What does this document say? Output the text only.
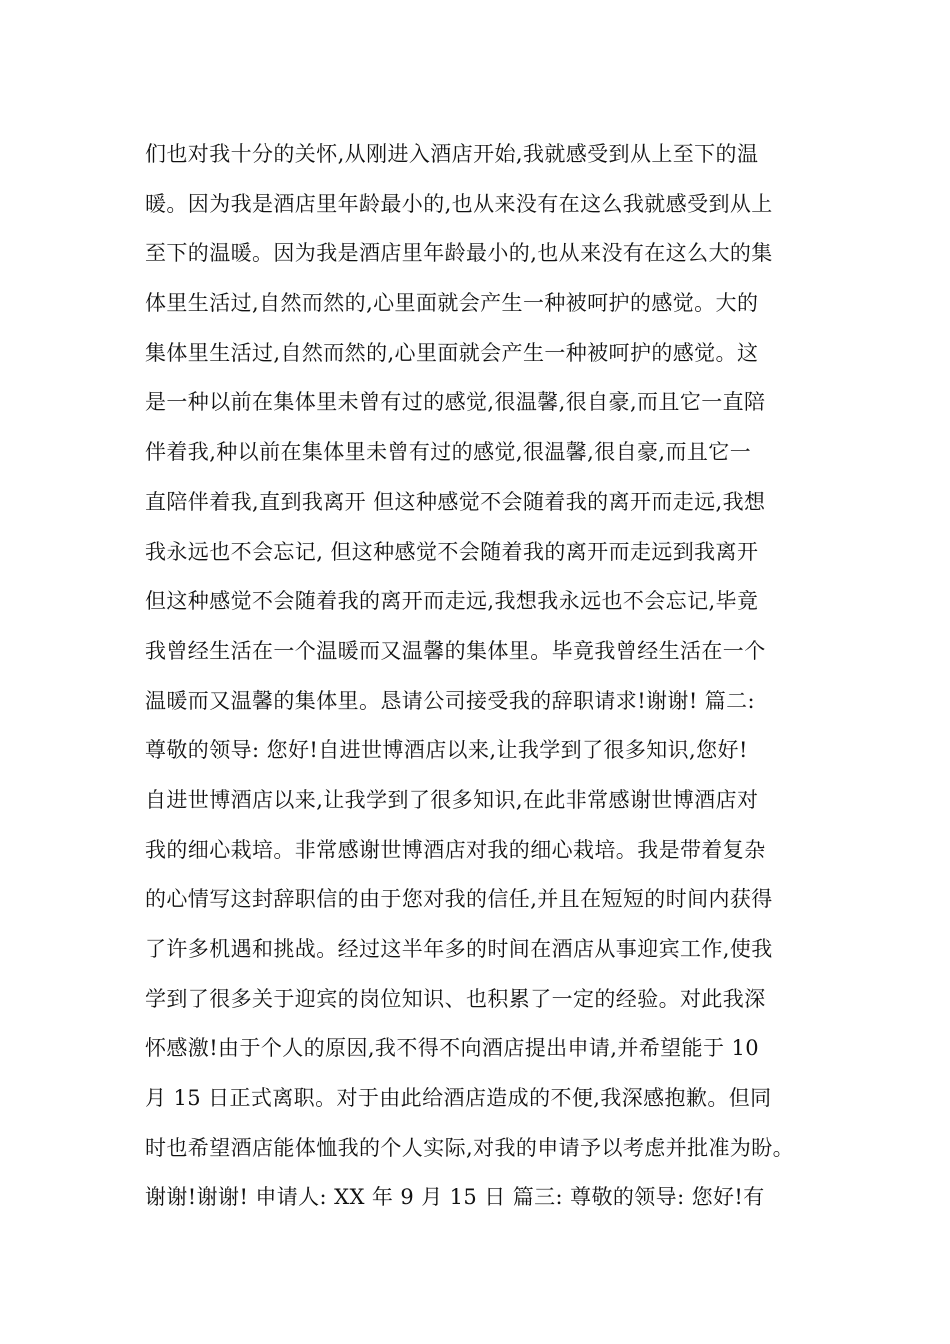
们也对我十分的关怀,从刚进入酒店开始,我就感受到从上至下的温
暖。因为我是酒店里年龄最小的,也从来没有在这么我就感受到从上
至下的温暖。因为我是酒店里年龄最小的,也从来没有在这么大的集
体里生活过,自然而然的,心里面就会产生一种被呵护的感觉。大的
集体里生活过,自然而然的,心里面就会产生一种被呵护的感觉。这
是一种以前在集体里未曾有过的感觉,很温馨,很自豪,而且它一直陪
伴着我,种以前在集体里未曾有过的感觉,很温馨,很自豪,而且它一
直陪伴着我,直到我离开 但这种感觉不会随着我的离开而走远,我想
我永远也不会忘记, 但这种感觉不会随着我的离开而走远到我离开
但这种感觉不会随着我的离开而走远,我想我永远也不会忘记,毕竟
我曾经生活在一个温暖而又温馨的集体里。毕竟我曾经生活在一个
温暖而又温馨的集体里。恳请公司接受我的辞职请求!谢谢! 篇二:
尊敬的领导: 您好!自进世博酒店以来,让我学到了很多知识,您好!
自进世博酒店以来,让我学到了很多知识,在此非常感谢世博酒店对
我的细心栽培。非常感谢世博酒店对我的细心栽培。我是带着复杂
的心情写这封辞职信的由于您对我的信任,并且在短短的时间内获得
了许多机遇和挑战。经过这半年多的时间在酒店从事迎宾工作,使我
学到了很多关于迎宾的岗位知识、也积累了一定的经验。对此我深
怀感激!由于个人的原因,我不得不向酒店提出申请,并希望能于 10
月 15 日正式离职。对于由此给酒店造成的不便,我深感抱歉。但同
时也希望酒店能体恤我的个人实际,对我的申请予以考虑并批准为盼。
谢谢!谢谢! 申请人: XX 年 9 月 15 日 篇三: 尊敬的领导: 您好!有
